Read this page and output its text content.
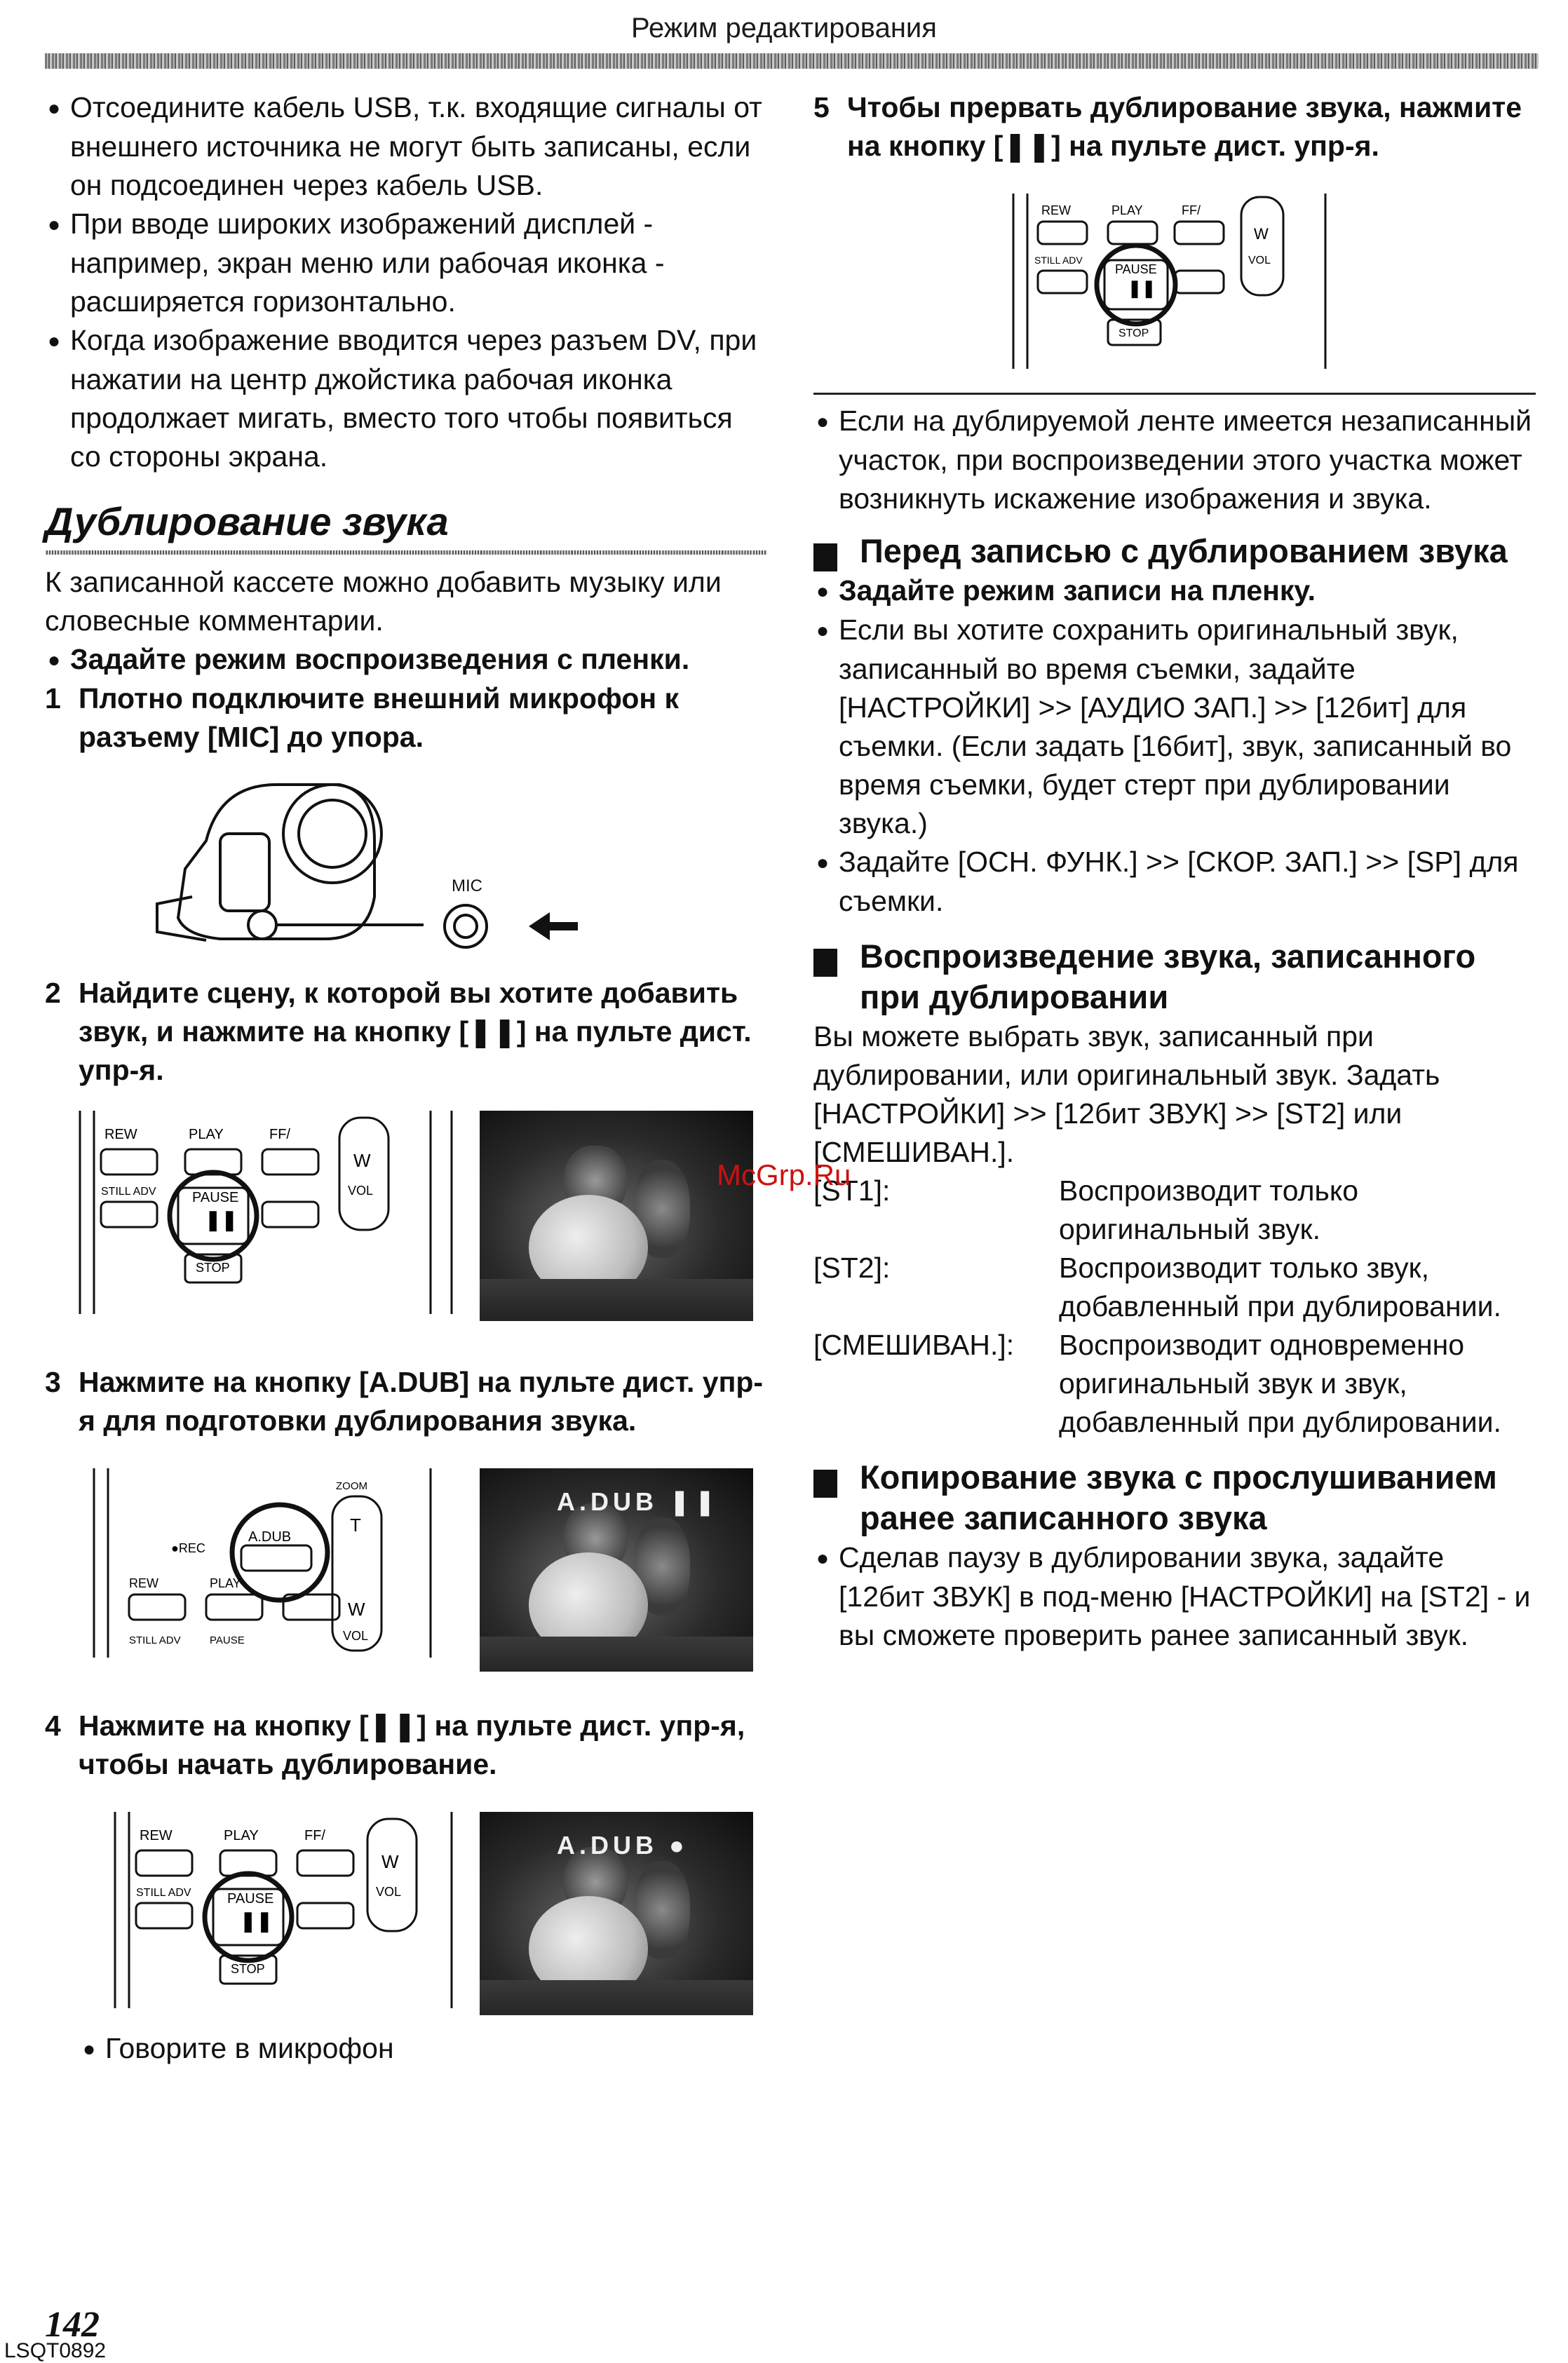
Режим редактирования

● Отсоедините кабель USB, т.к. входящие сигналы от внешнего источника не могут быть записаны, если он подсоединен через кабель USB.

● При вводе широких изображений дисплей - например, экран меню или рабочая иконка - расширяется горизонтально.

● Когда изображение вводится через разъем DV, при нажатии на центр джойстика рабочая иконка продолжает мигать, вместо того чтобы появиться со стороны экрана.

Дублирование звука

К записанной кассете можно добавить музыку или словесные комментарии.

● Задайте режим воспроизведения с пленки.

1 Плотно подключите внешний микрофон к разъему [MIC] до упора.

MIC

2 Найдите сцену, к которой вы хотите добавить звук, и нажмите на кнопку [❚❚] на пульте дист. упр-я.

REW	PLAY	FF/
STILL ADV	PAUSE
STOP
W
VOL
❚❚

3 Нажмите на кнопку [A.DUB] на пульте дист. упр-я для подготовки дублирования звука.

●REC
A.DUB
REW	PLAY
STILL ADV	PAUSE
ZOOM
T
W
VOL
A.DUB ❚❚

4 Нажмите на кнопку [❚❚] на пульте дист. упр-я, чтобы начать дублирование.

REW	PLAY	FF/
STILL ADV	PAUSE
STOP
W
VOL
❚❚
A.DUB ●

● Говорите в микрофон

5 Чтобы прервать дублирование звука, нажмите на кнопку [❚❚] на пульте дист. упр-я.

REW	PLAY	FF/
STILL ADV
PAUSE
STOP
W
VOL
❚❚

● Если на дублируемой ленте имеется незаписанный участок, при воспроизведении этого участка может возникнуть искажение изображения и звука.

Перед записью с дублированием звука

● Задайте режим записи на пленку.

● Если вы хотите сохранить оригинальный звук, записанный во время съемки, задайте [НАСТРОЙКИ] >> [АУДИО ЗАП.] >> [12бит] для съемки. (Если задать [16бит], звук, записанный во время съемки, будет стерт при дублировании звука.)

● Задайте [ОСН. ФУНК.] >> [СКОР. ЗАП.] >> [SP] для съемки.

Воспроизведение звука, записанного при дублировании

Вы можете выбрать звук, записанный при дублировании, или оригинальный звук. Задать [НАСТРОЙКИ] >> [12бит ЗВУК] >> [ST2] или [СМЕШИВАН.].

[ST1]:	Воспроизводит только оригинальный звук.
[ST2]:	Воспроизводит только звук, добавленный при дублировании.
[СМЕШИВАН.]:	Воспроизводит одновременно оригинальный звук и звук, добавленный при дублировании.
Копирование звука с прослушиванием ранее записанного звука

● Сделав паузу в дублировании звука, задайте [12бит ЗВУК] в под-меню [НАСТРОЙКИ] на [ST2] - и вы сможете проверить ранее записанный звук.

McGrp.Ru
142
LSQT0892
